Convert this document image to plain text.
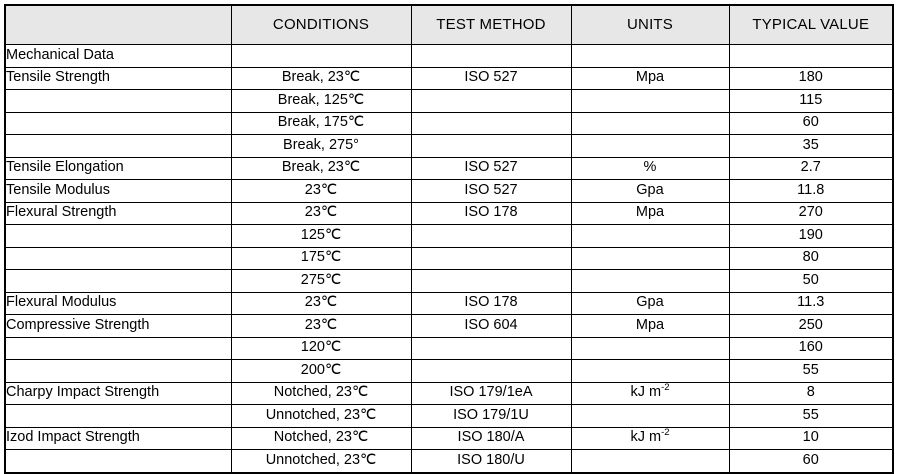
	CONDITIONS	TEST METHOD	UNITS	TYPICAL VALUE
Mechanical Data				
Tensile Strength	Break, 23℃	ISO 527	Mpa	180
	Break, 125℃			115
	Break, 175℃			60
	Break, 275°			35
Tensile Elongation	Break, 23℃	ISO 527	%	2.7
Tensile Modulus	23℃	ISO 527	Gpa	11.8
Flexural Strength	23℃	ISO 178	Mpa	270
	125℃			190
	175℃			80
	275℃			50
Flexural Modulus	23℃	ISO 178	Gpa	11.3
Compressive Strength	23℃	ISO 604	Mpa	250
	120℃			160
	200℃			55
Charpy Impact Strength	Notched, 23℃	ISO 179/1eA	kJ $m^{-2}$	8
	Unnotched, 23℃	ISO 179/1U		55
Izod Impact Strength	Notched, 23℃	ISO 180/A	kJ $m^{-2}$	10
	Unnotched, 23℃	ISO 180/U		60
